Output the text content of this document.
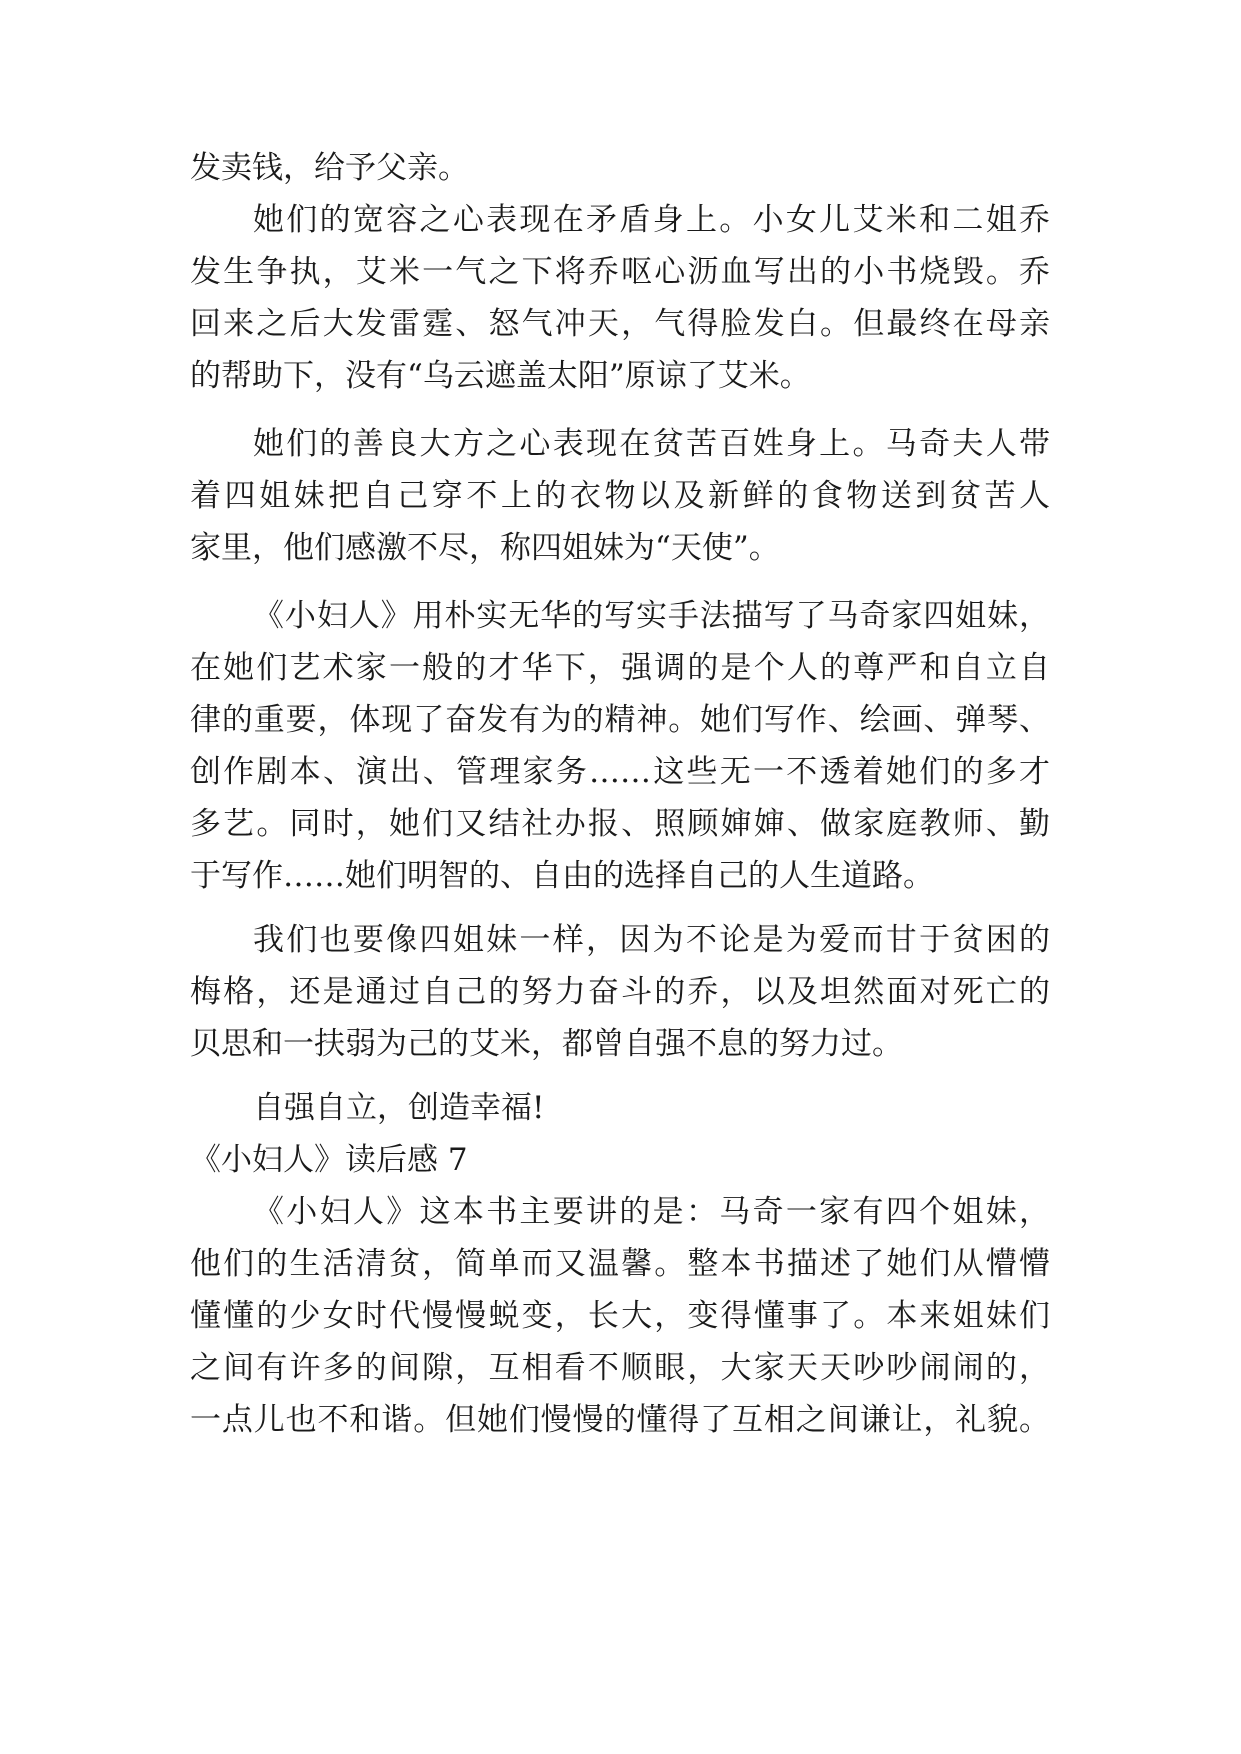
发卖钱，给予父亲。
她们的宽容之心表现在矛盾身上。小女儿艾米和二姐乔
发生争执，艾米一气之下将乔呕心沥血写出的小书烧毁。乔
回来之后大发雷霆、怒气冲天，气得脸发白。但最终在母亲
的帮助下，没有“乌云遮盖太阳”原谅了艾米。
她们的善良大方之心表现在贫苦百姓身上。马奇夫人带
着四姐妹把自己穿不上的衣物以及新鲜的食物送到贫苦人
家里，他们感激不尽，称四姐妹为“天使”。
《小妇人》用朴实无华的写实手法描写了马奇家四姐妹，
在她们艺术家一般的才华下，强调的是个人的尊严和自立自
律的重要，体现了奋发有为的精神。她们写作、绘画、弹琴、
创作剧本、演出、管理家务……这些无一不透着她们的多才
多艺。同时，她们又结社办报、照顾婶婶、做家庭教师、勤
于写作……她们明智的、自由的选择自己的人生道路。
我们也要像四姐妹一样，因为不论是为爱而甘于贫困的
梅格，还是通过自己的努力奋斗的乔，以及坦然面对死亡的
贝思和一扶弱为己的艾米，都曾自强不息的努力过。
自强自立，创造幸福!
《小妇人》读后感 7
《小妇人》这本书主要讲的是：马奇一家有四个姐妹，
他们的生活清贫，简单而又温馨。整本书描述了她们从懵懵
懂懂的少女时代慢慢蜕变，长大，变得懂事了。本来姐妹们
之间有许多的间隙，互相看不顺眼，大家天天吵吵闹闹的，
一点儿也不和谐。但她们慢慢的懂得了互相之间谦让，礼貌。
